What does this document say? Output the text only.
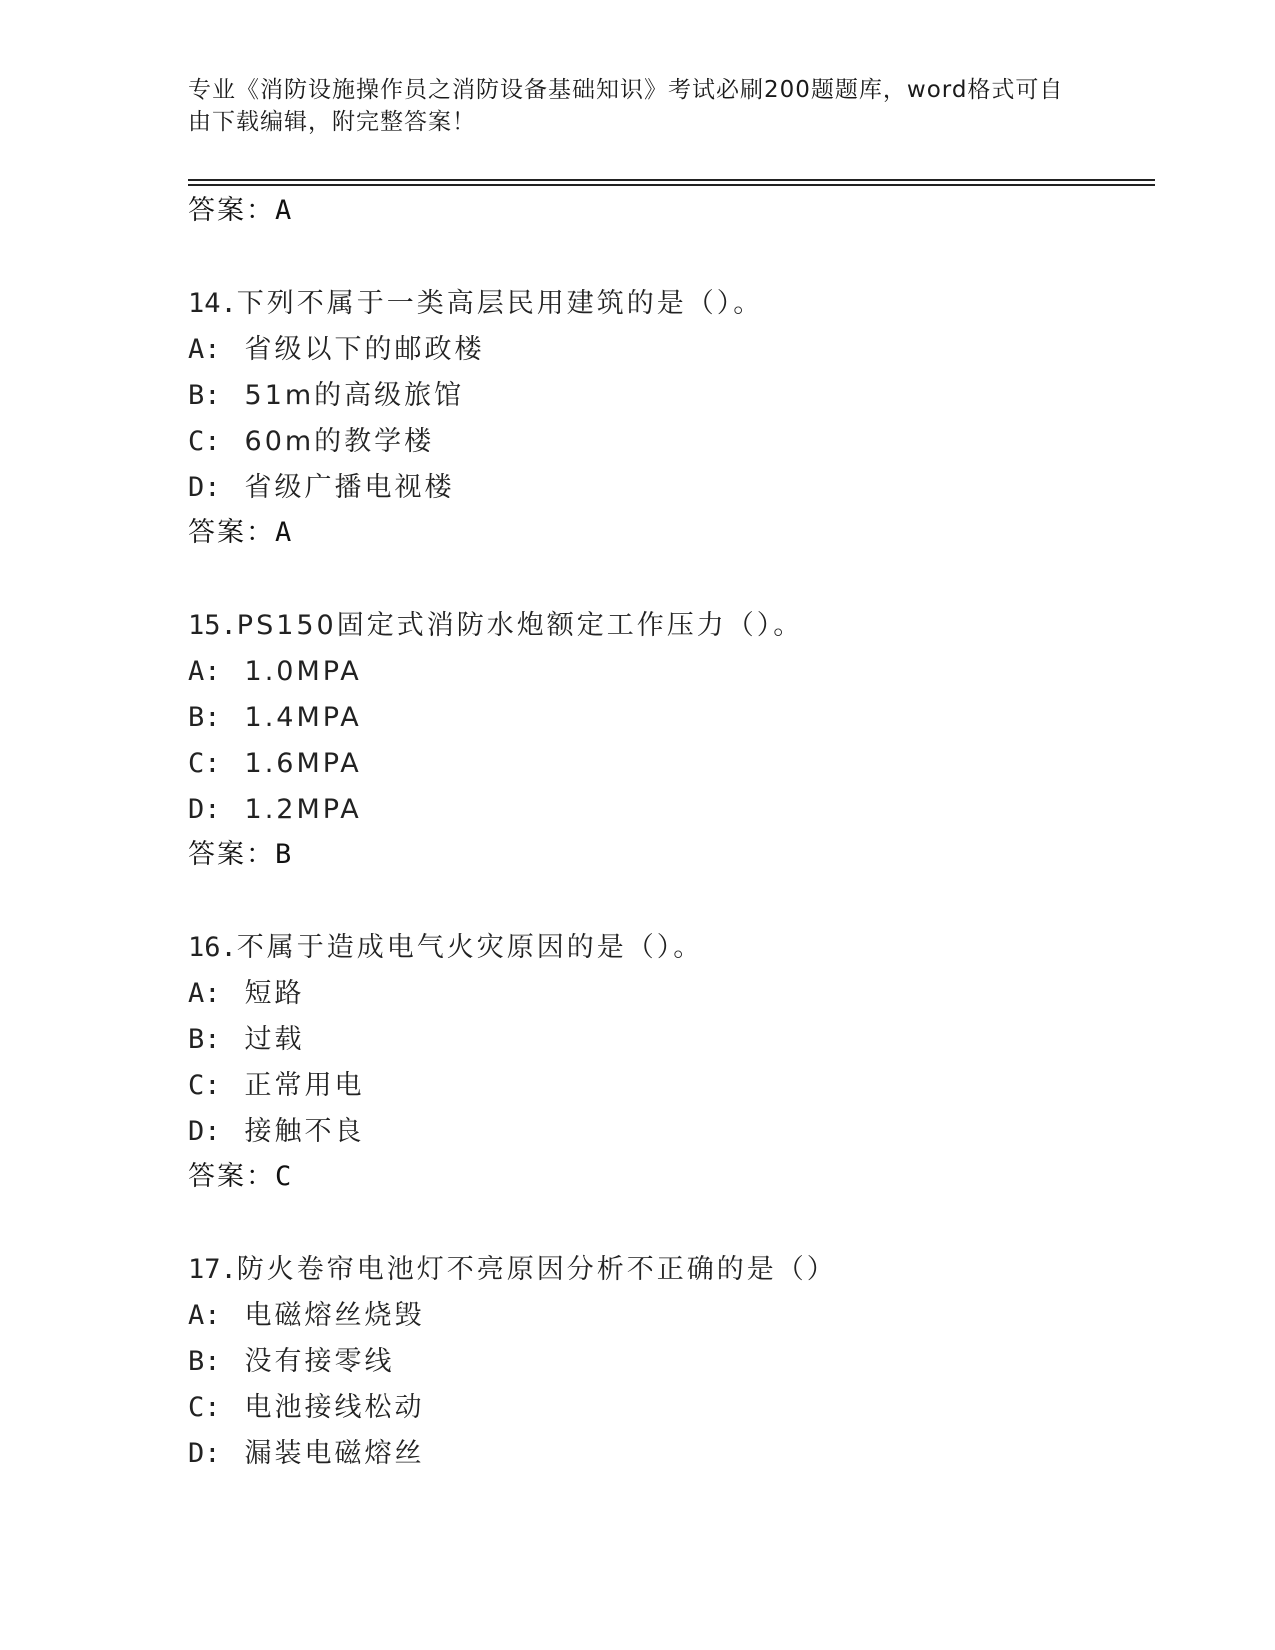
专业《消防设施操作员之消防设备基础知识》考试必刷200题题库，word格式可自由下载编辑，附完整答案！
答案：A
14.下列不属于一类高层民用建筑的是（）。
A: 省级以下的邮政楼
B: 51m的高级旅馆
C: 60m的教学楼
D: 省级广播电视楼
答案：A
15.PS150固定式消防水炮额定工作压力（）。
A: 1.0MPA
B: 1.4MPA
C: 1.6MPA
D: 1.2MPA
答案：B
16.不属于造成电气火灾原因的是（）。
A: 短路
B: 过载
C: 正常用电
D: 接触不良
答案：C
17.防火卷帘电池灯不亮原因分析不正确的是（）
A: 电磁熔丝烧毁
B: 没有接零线
C: 电池接线松动
D: 漏装电磁熔丝
